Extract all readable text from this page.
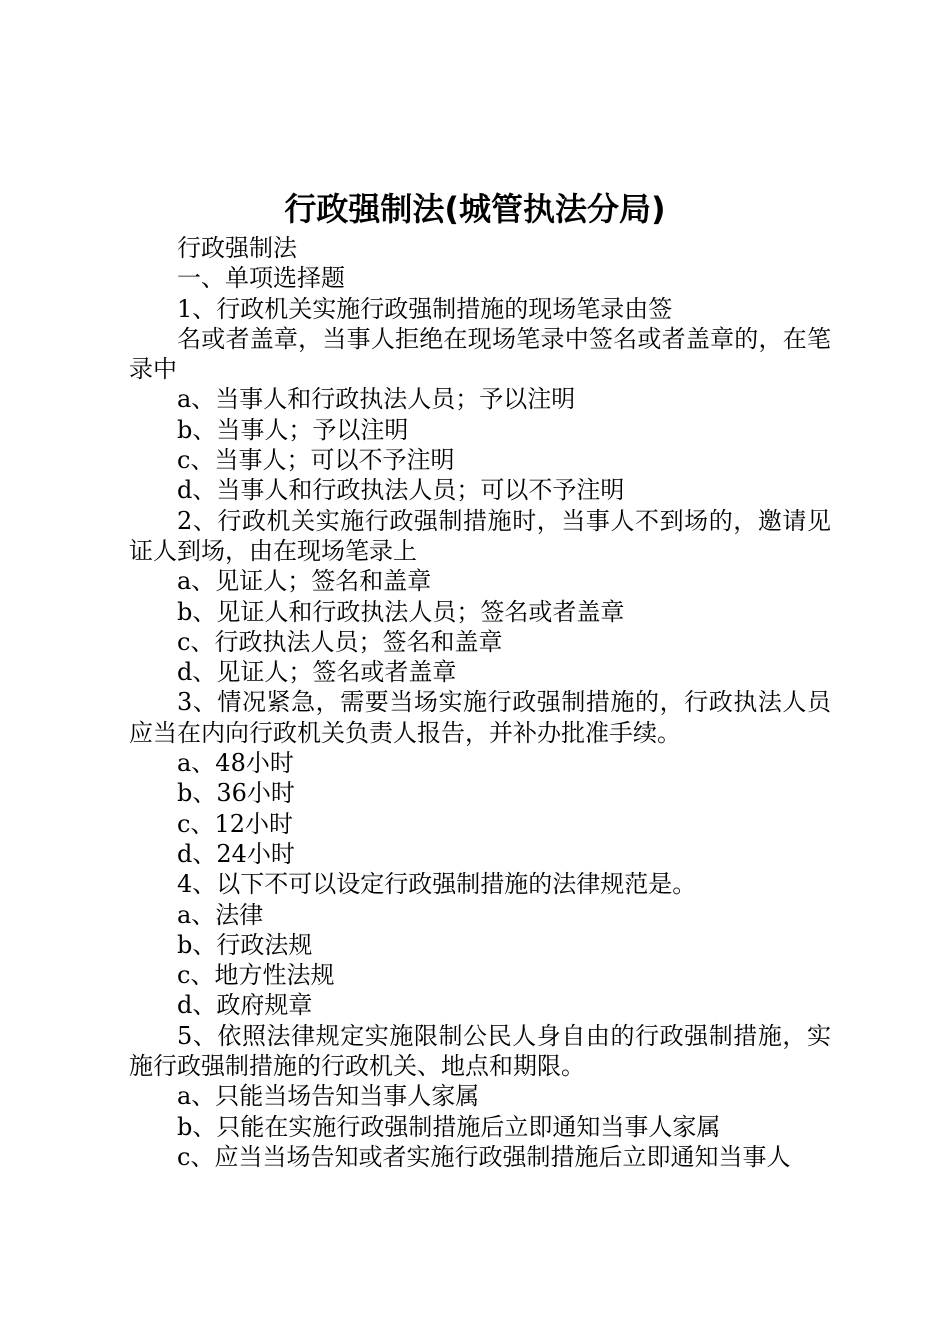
行政强制法(城管执法分局)

行政强制法

一、单项选择题

1、行政机关实施行政强制措施的现场笔录由签

名或者盖章，当事人拒绝在现场笔录中签名或者盖章的，在笔录中

a、当事人和行政执法人员；予以注明

b、当事人；予以注明

c、当事人；可以不予注明

d、当事人和行政执法人员；可以不予注明

2、行政机关实施行政强制措施时，当事人不到场的，邀请见证人到场，由在现场笔录上

a、见证人；签名和盖章

b、见证人和行政执法人员；签名或者盖章

c、行政执法人员；签名和盖章

d、见证人；签名或者盖章

3、情况紧急，需要当场实施行政强制措施的，行政执法人员应当在内向行政机关负责人报告，并补办批准手续。

a、48小时

b、36小时

c、12小时

d、24小时

4、以下不可以设定行政强制措施的法律规范是。

a、法律

b、行政法规

c、地方性法规

d、政府规章

5、依照法律规定实施限制公民人身自由的行政强制措施，实施行政强制措施的行政机关、地点和期限。

a、只能当场告知当事人家属

b、只能在实施行政强制措施后立即通知当事人家属

c、应当当场告知或者实施行政强制措施后立即通知当事人
